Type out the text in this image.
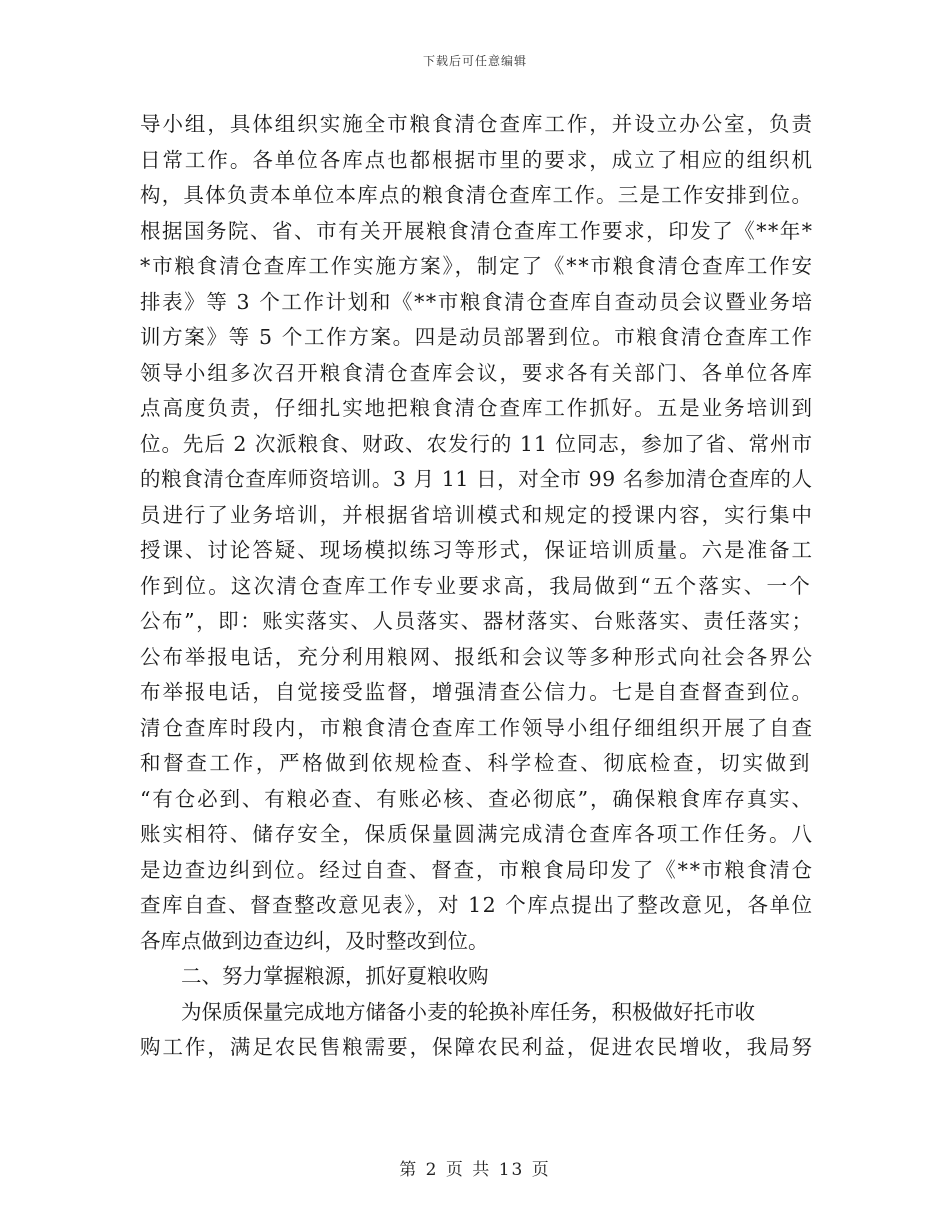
下载后可任意编辑
导小组，具体组织实施全市粮食清仓查库工作，并设立办公室，负责
日常工作。各单位各库点也都根据市里的要求，成立了相应的组织机
构，具体负责本单位本库点的粮食清仓查库工作。三是工作安排到位。
根据国务院、省、市有关开展粮食清仓查库工作要求，印发了《**年*
*市粮食清仓查库工作实施方案》，制定了《**市粮食清仓查库工作安
排表》等 3 个工作计划和《**市粮食清仓查库自查动员会议暨业务培
训方案》等 5 个工作方案。四是动员部署到位。市粮食清仓查库工作
领导小组多次召开粮食清仓查库会议，要求各有关部门、各单位各库
点高度负责，仔细扎实地把粮食清仓查库工作抓好。五是业务培训到
位。先后 2 次派粮食、财政、农发行的 11 位同志，参加了省、常州市
的粮食清仓查库师资培训。3 月 11 日，对全市 99 名参加清仓查库的人
员进行了业务培训，并根据省培训模式和规定的授课内容，实行集中
授课、讨论答疑、现场模拟练习等形式，保证培训质量。六是准备工
作到位。这次清仓查库工作专业要求高，我局做到“五个落实、一个
公布”，即：账实落实、人员落实、器材落实、台账落实、责任落实；
公布举报电话，充分利用粮网、报纸和会议等多种形式向社会各界公
布举报电话，自觉接受监督，增强清查公信力。七是自查督查到位。
清仓查库时段内，市粮食清仓查库工作领导小组仔细组织开展了自查
和督查工作，严格做到依规检查、科学检查、彻底检查，切实做到
“有仓必到、有粮必查、有账必核、查必彻底”，确保粮食库存真实、
账实相符、储存安全，保质保量圆满完成清仓查库各项工作任务。八
是边查边纠到位。经过自查、督查，市粮食局印发了《**市粮食清仓
查库自查、督查整改意见表》，对 12 个库点提出了整改意见，各单位
各库点做到边查边纠，及时整改到位。
二、努力掌握粮源，抓好夏粮收购
为保质保量完成地方储备小麦的轮换补库任务，积极做好托市收
购工作，满足农民售粮需要，保障农民利益，促进农民增收，我局努
第 2 页 共 13 页
